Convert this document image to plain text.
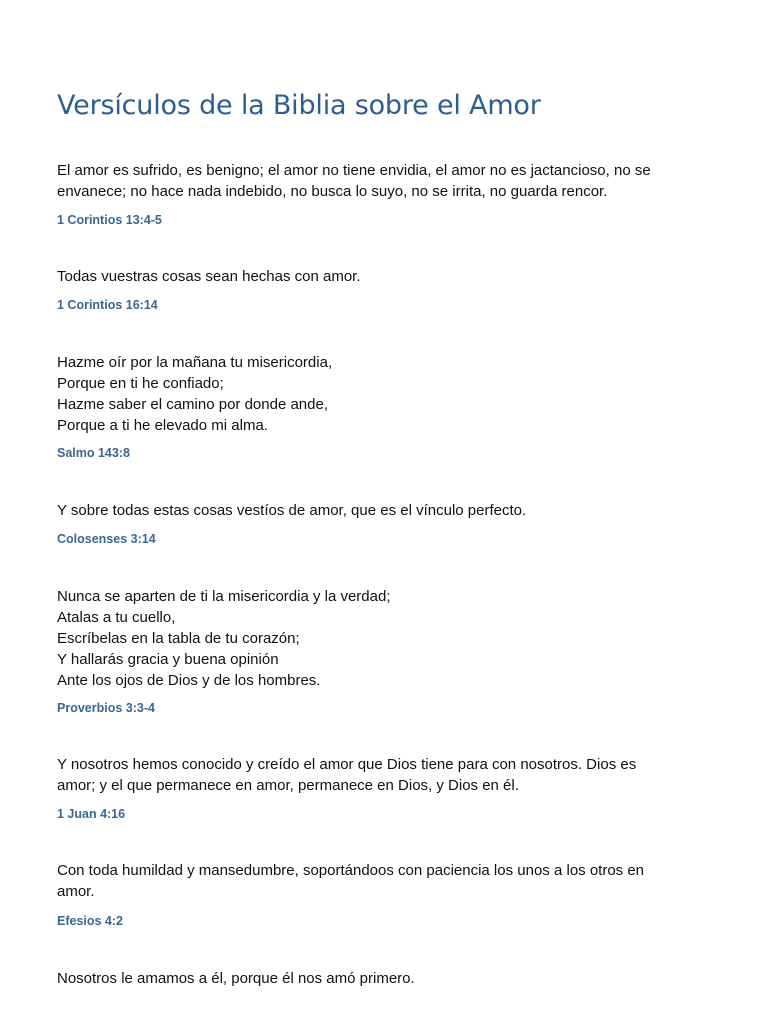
Versículos de la Biblia sobre el Amor

El amor es sufrido, es benigno; el amor no tiene envidia, el amor no es jactancioso, no se
envanece; no hace nada indebido, no busca lo suyo, no se irrita, no guarda rencor.

1 Corintios 13:4-5

Todas vuestras cosas sean hechas con amor.

1 Corintios 16:14

Hazme oír por la mañana tu misericordia,
Porque en ti he confiado;
Hazme saber el camino por donde ande,
Porque a ti he elevado mi alma.

Salmo 143:8

Y sobre todas estas cosas vestíos de amor, que es el vínculo perfecto.

Colosenses 3:14

Nunca se aparten de ti la misericordia y la verdad;
Atalas a tu cuello,
Escríbelas en la tabla de tu corazón;
Y hallarás gracia y buena opinión
Ante los ojos de Dios y de los hombres.

Proverbios 3:3-4

Y nosotros hemos conocido y creído el amor que Dios tiene para con nosotros. Dios es
amor; y el que permanece en amor, permanece en Dios, y Dios en él.

1 Juan 4:16

Con toda humildad y mansedumbre, soportándoos con paciencia los unos a los otros en
amor.

Efesios 4:2

Nosotros le amamos a él, porque él nos amó primero.
